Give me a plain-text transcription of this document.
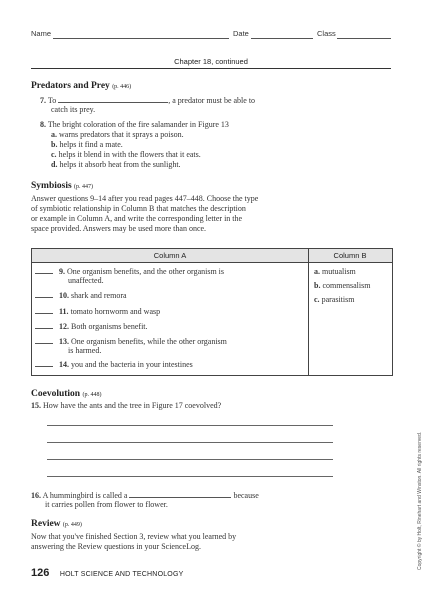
Name	Date	Class
Chapter 18, continued
Predators and Prey (p. 446)
7. To	, a predator must be able to
catch its prey.
8. The bright coloration of the fire salamander in Figure 13
a. warns predators that it sprays a poison.
b. helps it find a mate.
c. helps it blend in with the flowers that it eats.
d. helps it absorb heat from the sunlight.
Symbiosis (p. 447)
Answer questions 9–14 after you read pages 447–448. Choose the type
of symbiotic relationship in Column B that matches the description
or example in Column A, and write the corresponding letter in the
space provided. Answers may be used more than once.
Column A	Column B
9. One organism benefits, and the other organism is
unaffected.
10. shark and remora
11. tomato hornworm and wasp
12. Both organisms benefit.
13. One organism benefits, while the other organism
is harmed.
14. you and the bacteria in your intestines
a. mutualism
b. commensalism
c. parasitism
Coevolution (p. 448)
15. How have the ants and the tree in Figure 17 coevolved?
16. A hummingbird is called a	because
it carries pollen from flower to flower.
Review (p. 449)
Now that you've finished Section 3, review what you learned by
answering the Review questions in your ScienceLog.
126 HOLT SCIENCE AND TECHNOLOGY
Copyright © by Holt, Rinehart and Winston. All rights reserved.
